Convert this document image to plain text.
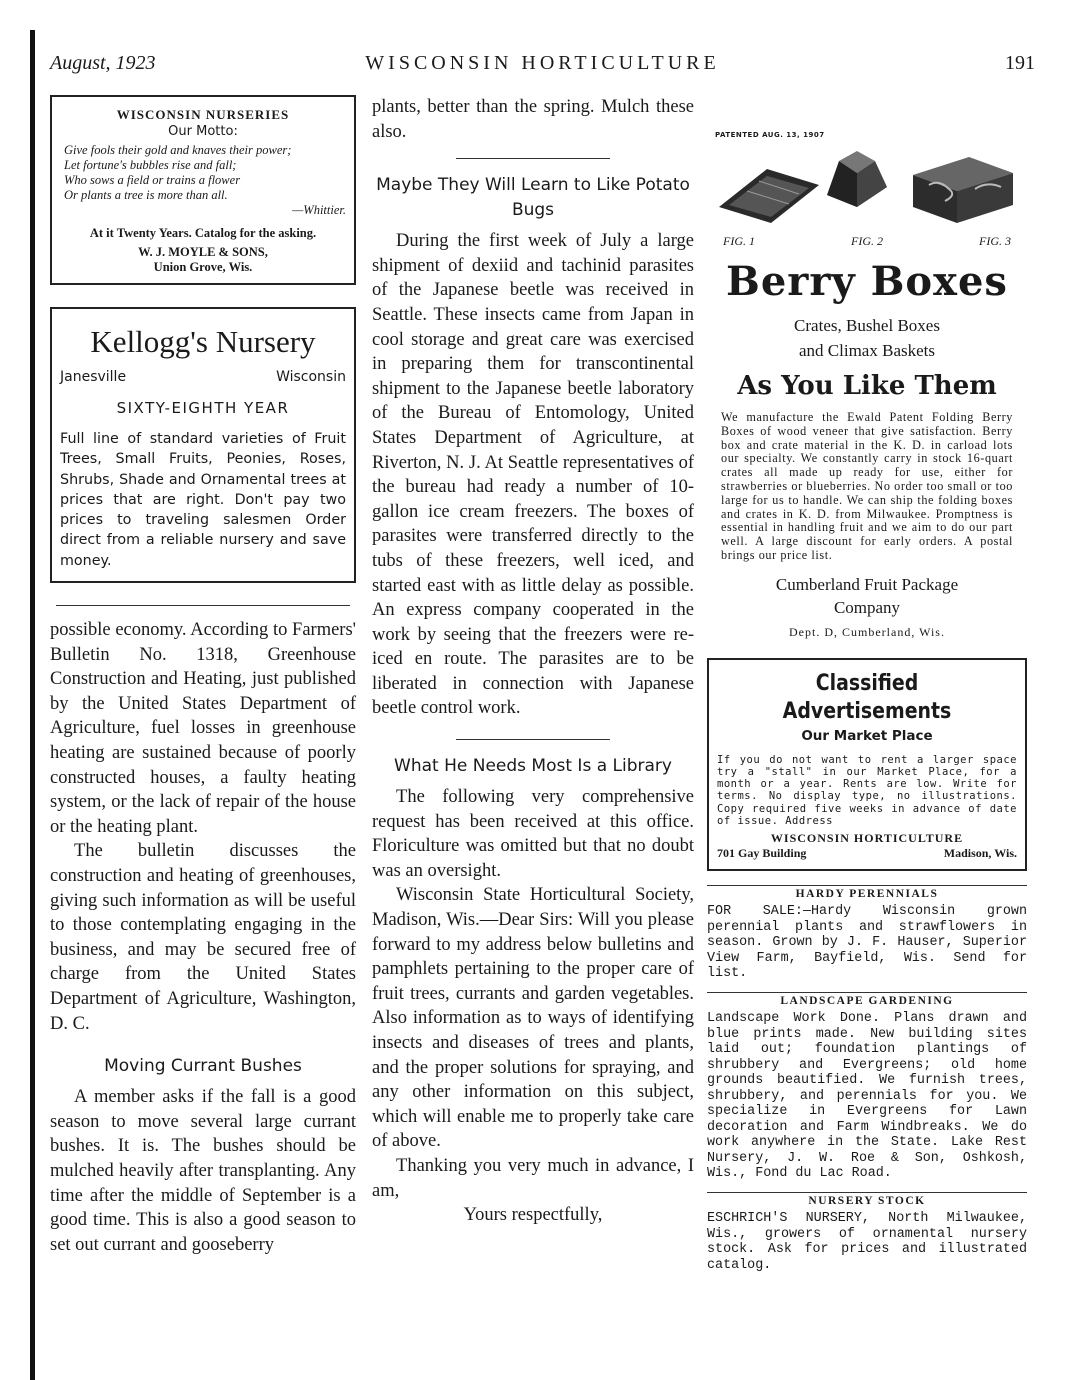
August, 1923	WISCONSIN HORTICULTURE	191
WISCONSIN NURSERIES
Our Motto:
Give fools their gold and knaves their power;
Let fortune's bubbles rise and fall;
Who sows a field or trains a flower
Or plants a tree is more than all.
—Whittier.
At it Twenty Years. Catalog for the asking.
W. J. MOYLE & SONS,
Union Grove, Wis.
Kellogg's Nursery
Janesville	Wisconsin
SIXTY-EIGHTH YEAR
Full line of standard varieties of Fruit Trees, Small Fruits, Peonies, Roses, Shrubs, Shade and Ornamental trees at prices that are right. Don't pay two prices to traveling salesmen Order direct from a reliable nursery and save money.

possible economy. According to Farmers' Bulletin No. 1318, Greenhouse Construction and Heating, just published by the United States Department of Agriculture, fuel losses in greenhouse heating are sustained because of poorly constructed houses, a faulty heating system, or the lack of repair of the house or the heating plant.

The bulletin discusses the construction and heating of greenhouses, giving such information as will be useful to those contemplating engaging in the business, and may be secured free of charge from the United States Department of Agriculture, Washington, D. C.

Moving Currant Bushes

A member asks if the fall is a good season to move several large currant bushes. It is. The bushes should be mulched heavily after transplanting. Any time after the middle of September is a good time. This is also a good season to set out currant and gooseberry

plants, better than the spring. Mulch these also.

Maybe They Will Learn to Like Potato Bugs

During the first week of July a large shipment of dexiid and tachinid parasites of the Japanese beetle was received in Seattle. These insects came from Japan in cool storage and great care was exercised in preparing them for transcontinental shipment to the Japanese beetle laboratory of the Bureau of Entomology, United States Department of Agriculture, at Riverton, N. J. At Seattle representatives of the bureau had ready a number of 10-gallon ice cream freezers. The boxes of parasites were transferred directly to the tubs of these freezers, well iced, and started east with as little delay as possible. An express company cooperated in the work by seeing that the freezers were re-iced en route. The parasites are to be liberated in connection with Japanese beetle control work.

What He Needs Most Is a Library

The following very comprehensive request has been received at this office. Floriculture was omitted but that no doubt was an oversight.

Wisconsin State Horticultural Society, Madison, Wis.—Dear Sirs: Will you please forward to my address below bulletins and pamphlets pertaining to the proper care of fruit trees, currants and garden vegetables. Also information as to ways of identifying insects and diseases of trees and plants, and the proper solutions for spraying, and any other information on this subject, which will enable me to properly take care of above.

Thanking you very much in advance, I am,

Yours respectfully,

PATENTED AUG. 13, 1907
FIG. 1	FIG. 2	FIG. 3
Berry Boxes
Crates, Bushel Boxes
and Climax Baskets
As You Like Them
We manufacture the Ewald Patent Folding Berry Boxes of wood veneer that give satisfaction. Berry box and crate material in the K. D. in carload lots our specialty. We constantly carry in stock 16-quart crates all made up ready for use, either for strawberries or blueberries. No order too small or too large for us to handle. We can ship the folding boxes and crates in K. D. from Milwaukee. Promptness is essential in handling fruit and we aim to do our part well. A large discount for early orders. A postal brings our price list.
Cumberland Fruit Package
Company
Dept. D, Cumberland, Wis.
Classified Advertisements
Our Market Place
If you do not want to rent a larger space try a "stall" in our Market Place, for a month or a year. Rents are low. Write for terms. No display type, no illustrations. Copy required five weeks in advance of date of issue. Address
WISCONSIN HORTICULTURE
701 Gay Building	Madison, Wis.
HARDY PERENNIALS
FOR SALE:—Hardy Wisconsin grown perennial plants and strawflowers in season. Grown by J. F. Hauser, Superior View Farm, Bayfield, Wis. Send for list.
LANDSCAPE GARDENING
Landscape Work Done. Plans drawn and blue prints made. New building sites laid out; foundation plantings of shrubbery and Evergreens; old home grounds beautified. We furnish trees, shrubbery, and perennials for you. We specialize in Evergreens for Lawn decoration and Farm Windbreaks. We do work anywhere in the State. Lake Rest Nursery, J. W. Roe & Son, Oshkosh, Wis., Fond du Lac Road.
NURSERY STOCK
ESCHRICH'S NURSERY, North Milwaukee, Wis., growers of ornamental nursery stock. Ask for prices and illustrated catalog.
